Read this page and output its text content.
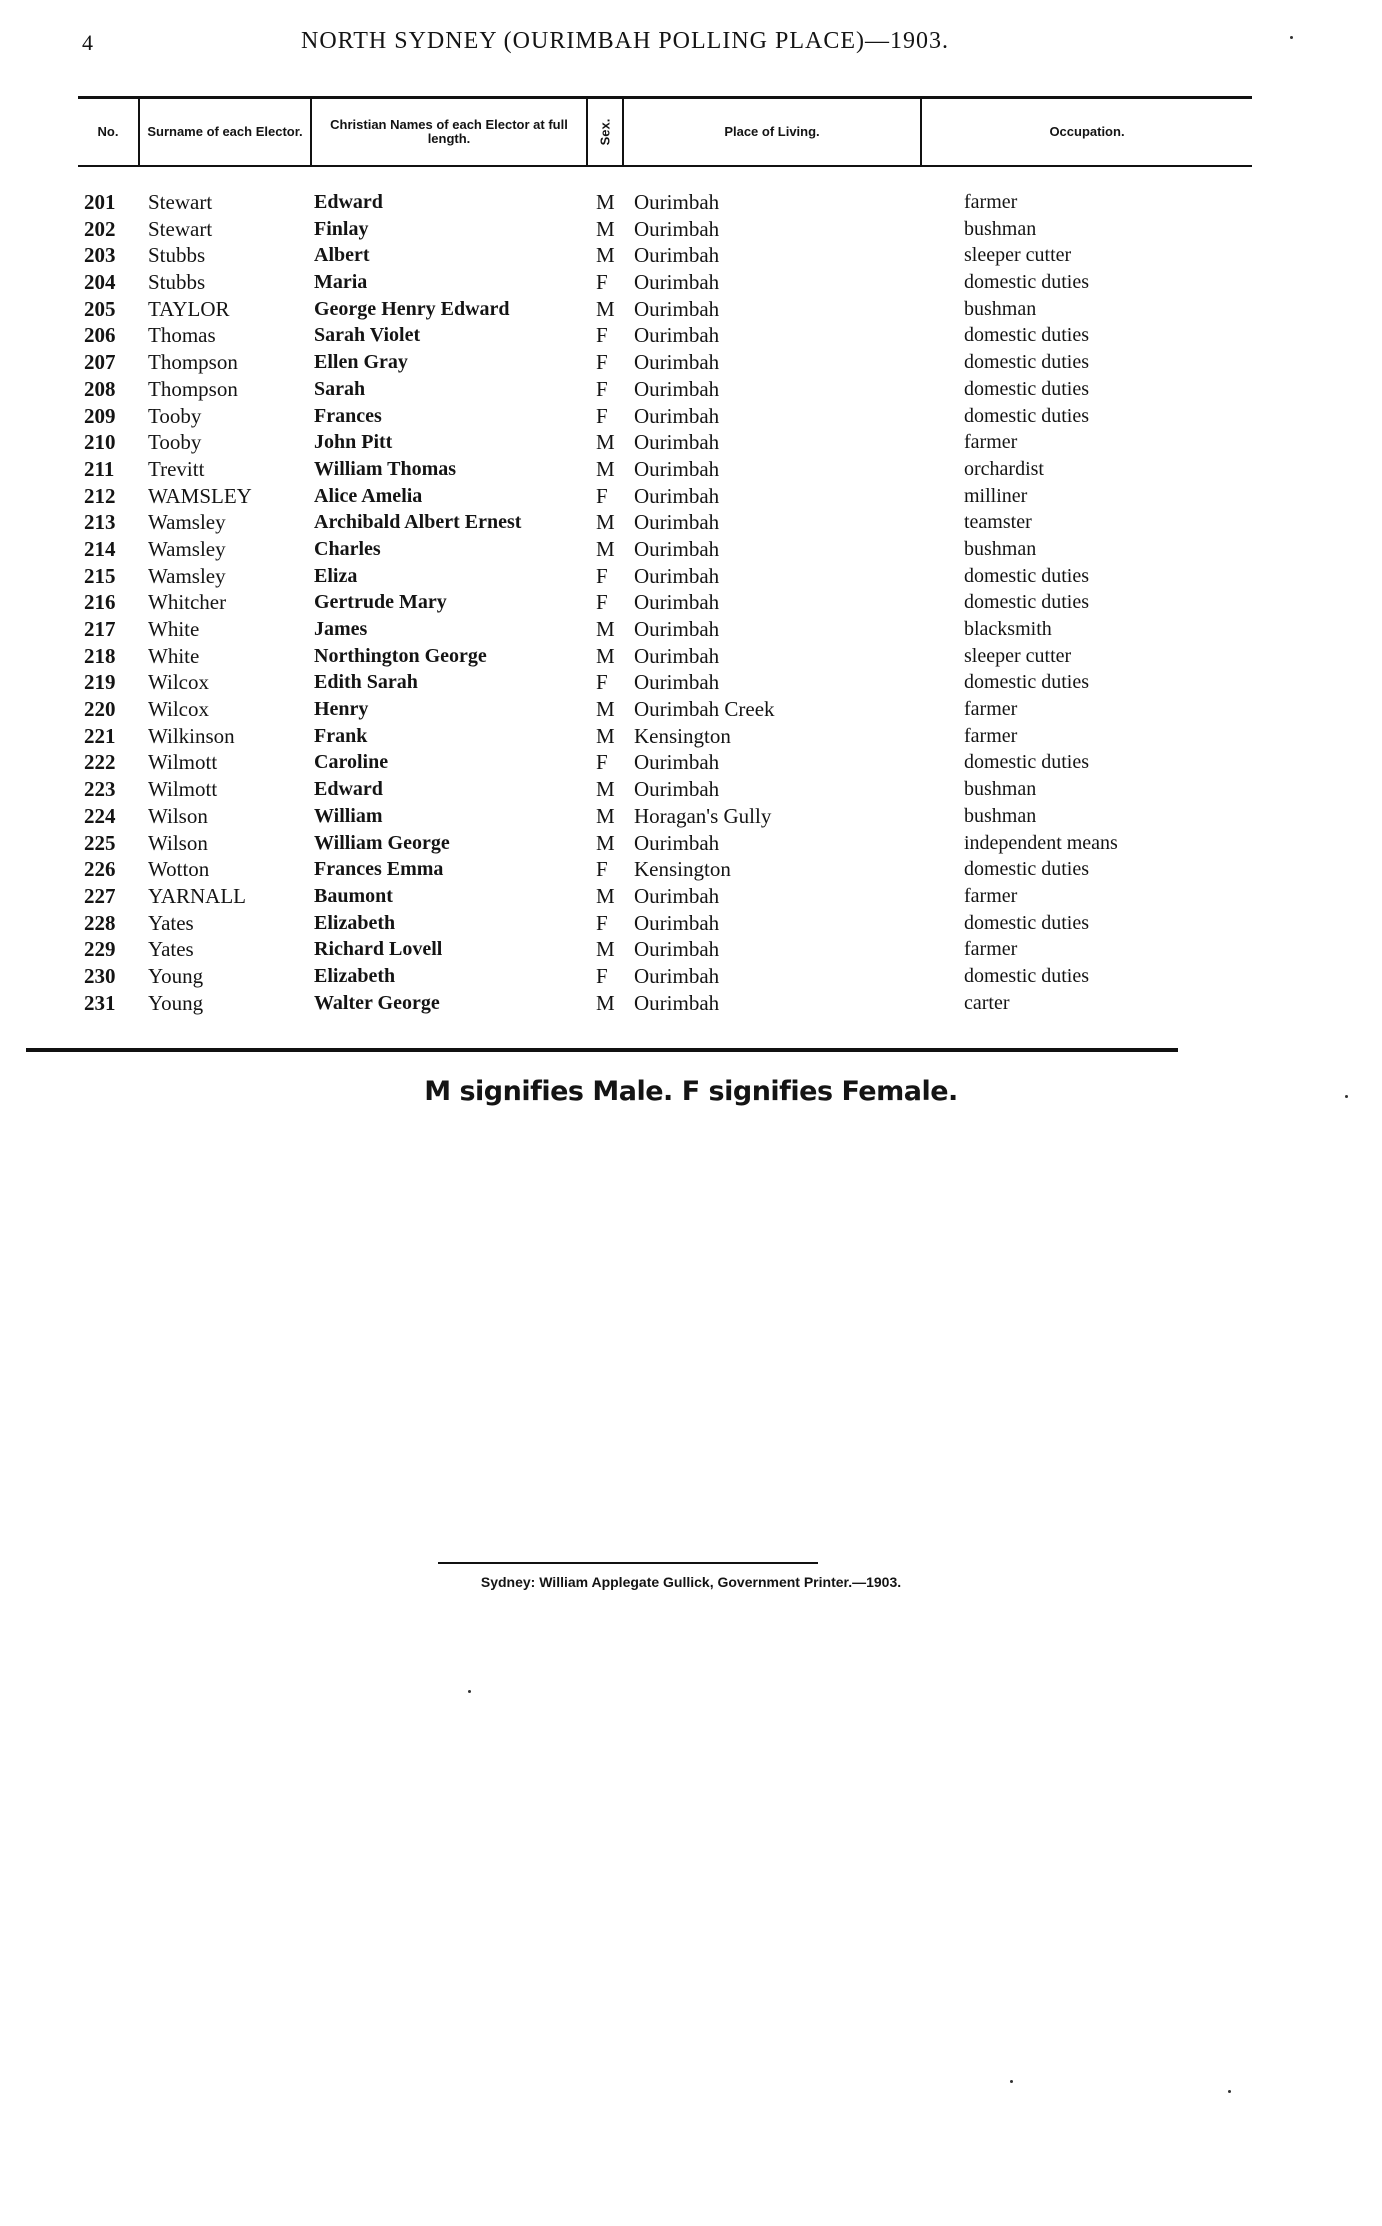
4	NORTH SYDNEY (OURIMBAH POLLING PLACE)—1903.
No.	Surname of each Elector.	Christian Names of each Elector at full length.	Sex.	Place of Living.	Occupation.
201 Stewart	Edward	M Ourimbah	farmer
202 Stewart	Finlay	M Ourimbah	bushman
203 Stubbs	Albert	M Ourimbah	sleeper cutter
204 Stubbs	Maria	F Ourimbah	domestic duties
205 TAYLOR	George Henry Edward	M Ourimbah	bushman
206 Thomas	Sarah Violet	F Ourimbah	domestic duties
207 Thompson	Ellen Gray	F Ourimbah	domestic duties
208 Thompson	Sarah	F Ourimbah	domestic duties
209 Tooby	Frances	F Ourimbah	domestic duties
210 Tooby	John Pitt	M Ourimbah	farmer
211 Trevitt	William Thomas	M Ourimbah	orchardist
212 WAMSLEY	Alice Amelia	F Ourimbah	milliner
213 Wamsley	Archibald Albert Ernest	M Ourimbah	teamster
214 Wamsley	Charles	M Ourimbah	bushman
215 Wamsley	Eliza	F Ourimbah	domestic duties
216 Whitcher	Gertrude Mary	F Ourimbah	domestic duties
217 White	James	M Ourimbah	blacksmith
218 White	Northington George	M Ourimbah	sleeper cutter
219 Wilcox	Edith Sarah	F Ourimbah	domestic duties
220 Wilcox	Henry	M Ourimbah Creek	farmer
221 Wilkinson	Frank	M Kensington	farmer
222 Wilmott	Caroline	F Ourimbah	domestic duties
223 Wilmott	Edward	M Ourimbah	bushman
224 Wilson	William	M Horagan's Gully	bushman
225 Wilson	William George	M Ourimbah	independent means
226 Wotton	Frances Emma	F Kensington	domestic duties
227 YARNALL	Baumont	M Ourimbah	farmer
228 Yates	Elizabeth	F Ourimbah	domestic duties
229 Yates	Richard Lovell	M Ourimbah	farmer
230 Young	Elizabeth	F Ourimbah	domestic duties
231 Young	Walter George	M Ourimbah	carter
M signifies Male. F signifies Female.
Sydney: William Applegate Gullick, Government Printer.—1903.
